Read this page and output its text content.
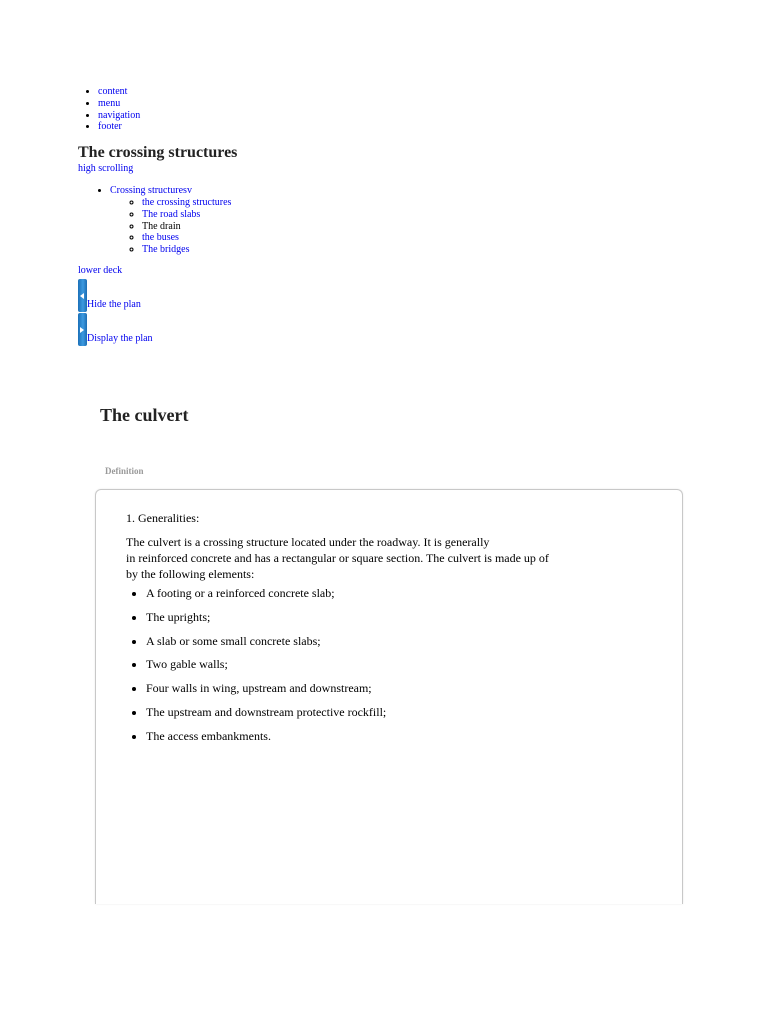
• content
• menu
• navigation
• footer
The crossing structures
high scrolling
• Crossing structuresv
◦ the crossing structures
◦ The road slabs
◦ The drain
◦ the buses
◦ The bridges
lower deck
Hide the plan
Display the plan
The culvert
Definition

1. Generalities:

The culvert is a crossing structure located under the roadway. It is generally
in reinforced concrete and has a rectangular or square section. The culvert is made up of
by the following elements:

• A footing or a reinforced concrete slab;
• The uprights;
• A slab or some small concrete slabs;
• Two gable walls;
• Four walls in wing, upstream and downstream;
• The upstream and downstream protective rockfill;
• The access embankments.
